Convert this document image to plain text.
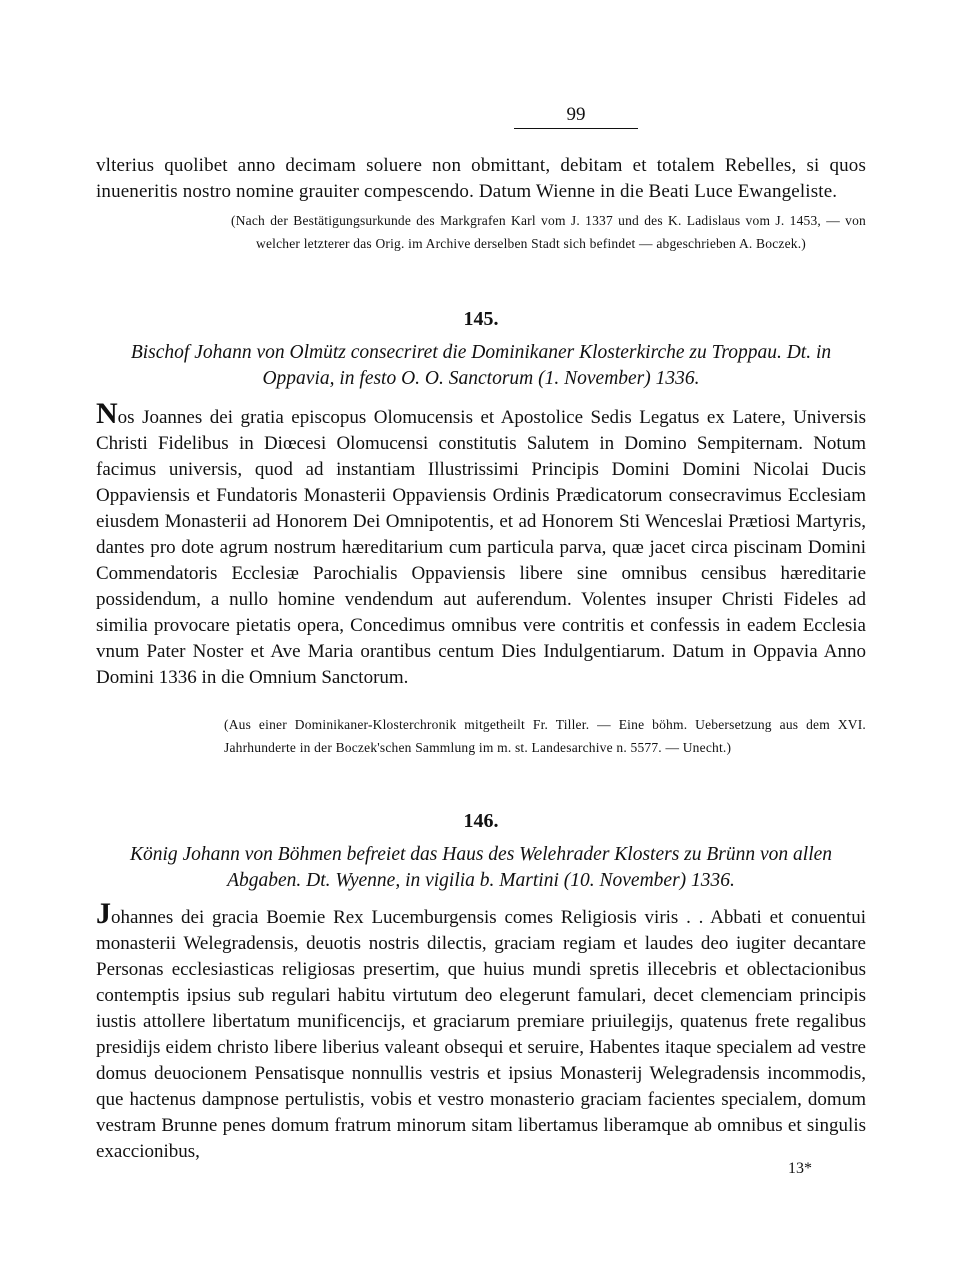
99

vlterius quolibet anno decimam soluere non obmittant, debitam et totalem Rebelles, si quos inueneritis nostro nomine grauiter compescendo. Datum Wienne in die Beati Luce Ewangeliste.

(Nach der Bestätigungsurkunde des Markgrafen Karl vom J. 1337 und des K. Ladislaus vom J. 1453, — von welcher letzterer das Orig. im Archive derselben Stadt sich befindet — abgeschrieben A. Boczek.)

145.

Bischof Johann von Olmütz consecriret die Dominikaner Klosterkirche zu Troppau. Dt. in Oppavia, in festo O. O. Sanctorum (1. November) 1336.

Nos Joannes dei gratia episcopus Olomucensis et Apostolice Sedis Legatus ex Latere, Universis Christi Fidelibus in Diœcesi Olomucensi constitutis Salutem in Domino Sempiternam. Notum facimus universis, quod ad instantiam Illustrissimi Principis Domini Domini Nicolai Ducis Oppaviensis et Fundatoris Monasterii Oppaviensis Ordinis Prædicatorum consecravimus Ecclesiam eiusdem Monasterii ad Honorem Dei Omnipotentis, et ad Honorem Sti Wenceslai Prætiosi Martyris, dantes pro dote agrum nostrum hæreditarium cum particula parva, quæ jacet circa piscinam Domini Commendatoris Ecclesiæ Parochialis Oppaviensis libere sine omnibus censibus hæreditarie possidendum, a nullo homine vendendum aut auferendum. Volentes insuper Christi Fideles ad similia provocare pietatis opera, Concedimus omnibus vere contritis et confessis in eadem Ecclesia vnum Pater Noster et Ave Maria orantibus centum Dies Indulgentiarum. Datum in Oppavia Anno Domini 1336 in die Omnium Sanctorum.

(Aus einer Dominikaner-Klosterchronik mitgetheilt Fr. Tiller. — Eine böhm. Uebersetzung aus dem XVI. Jahrhunderte in der Boczek'schen Sammlung im m. st. Landesarchive n. 5577. — Unecht.)

146.

König Johann von Böhmen befreiet das Haus des Welehrader Klosters zu Brünn von allen Abgaben. Dt. Wyenne, in vigilia b. Martini (10. November) 1336.

Johannes dei gracia Boemie Rex Lucemburgensis comes Religiosis viris . . Abbati et conuentui monasterii Welegradensis, deuotis nostris dilectis, graciam regiam et laudes deo iugiter decantare Personas ecclesiasticas religiosas presertim, que huius mundi spretis illecebris et oblectacionibus contemptis ipsius sub regulari habitu virtutum deo elegerunt famulari, decet clemenciam principis iustis attollere libertatum munificencijs, et graciarum premiare priuilegijs, quatenus frete regalibus presidijs eidem christo libere liberius valeant obsequi et seruire, Habentes itaque specialem ad vestre domus deuocionem Pensatisque nonnullis vestris et ipsius Monasterij Welegradensis incommodis, que hactenus dampnose pertulistis, vobis et vestro monasterio graciam facientes specialem, domum vestram Brunne penes domum fratrum minorum sitam libertamus liberamque ab omnibus et singulis exaccionibus,

13*
